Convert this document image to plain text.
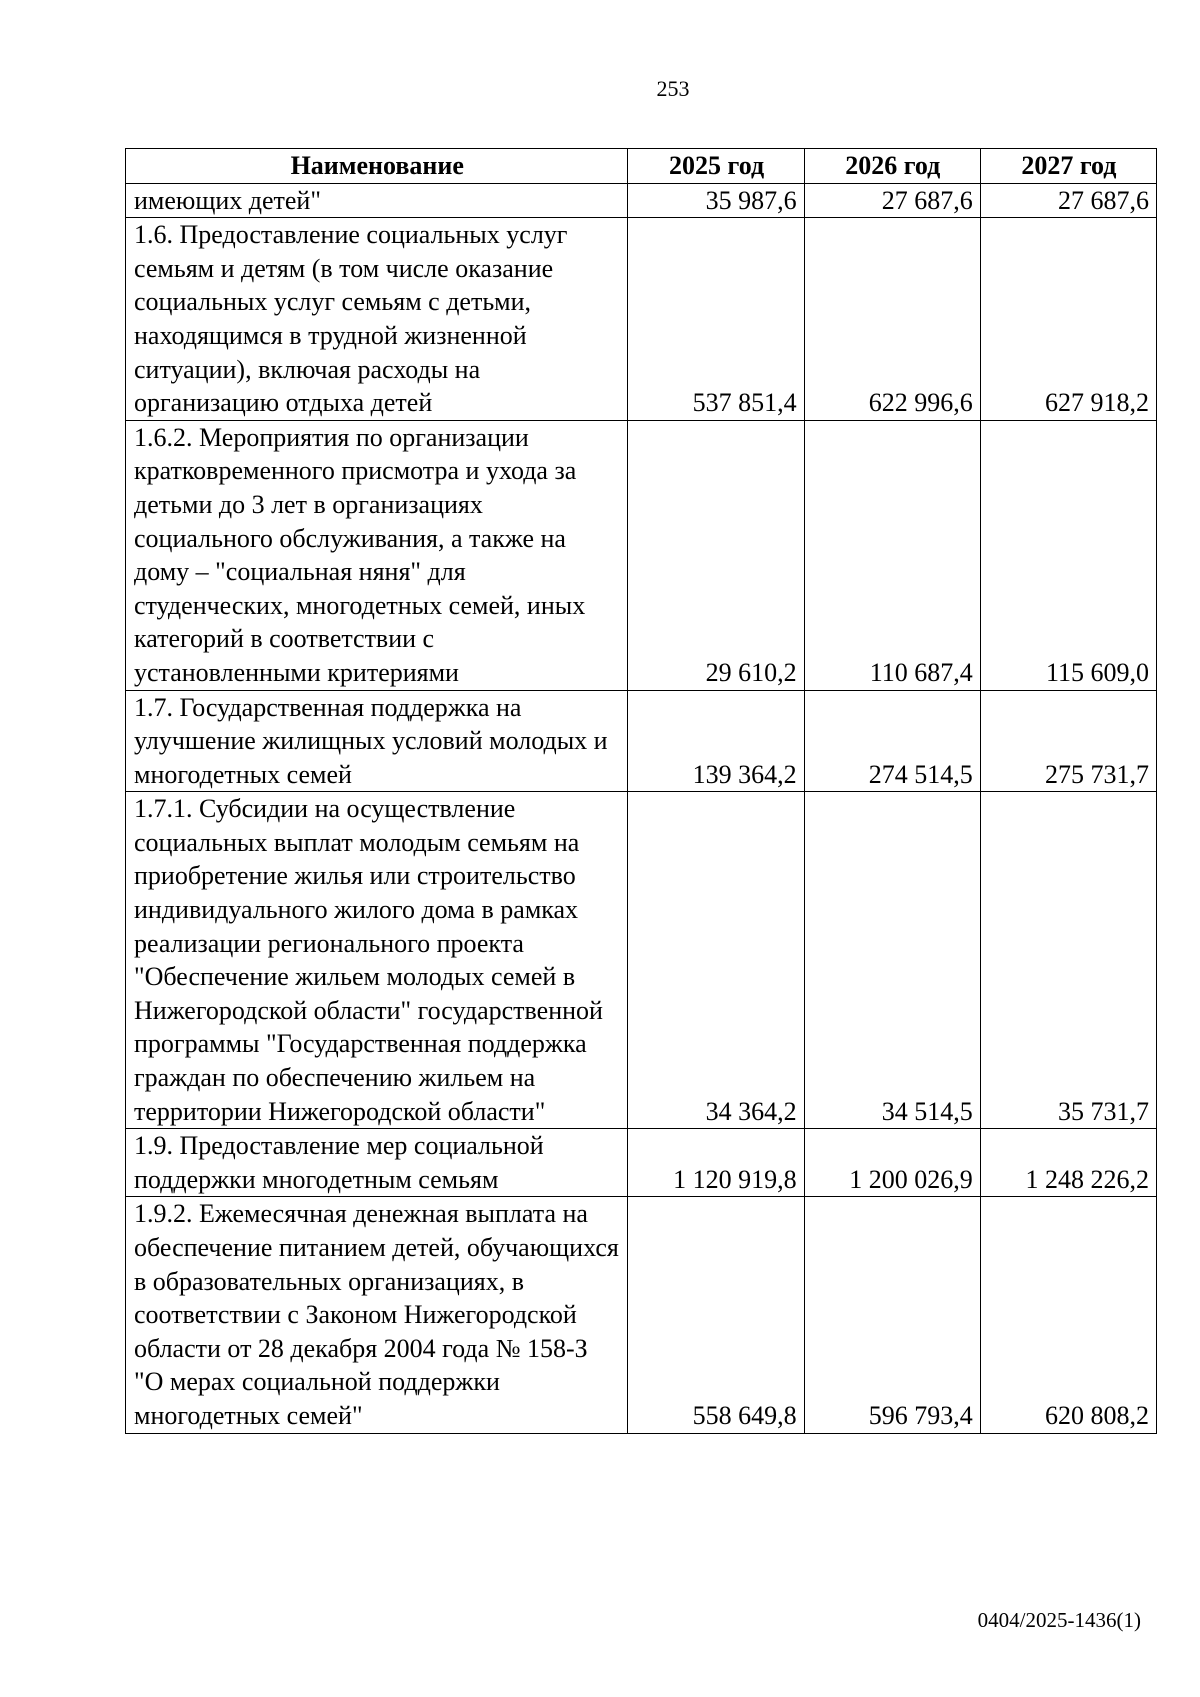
253
Наименование	2025 год	2026 год	2027 год
имеющих детей"	35 987,6	27 687,6	27 687,6
1.6. Предоставление социальных услуг семьям и детям (в том числе оказание социальных услуг семьям с детьми, находящимся в трудной жизненной ситуации), включая расходы на организацию отдыха детей	537 851,4	622 996,6	627 918,2
1.6.2. Мероприятия по организации кратковременного присмотра и ухода за детьми до 3 лет в организациях социального обслуживания, а также на дому – "социальная няня" для студенческих, многодетных семей, иных категорий в соответствии с установленными критериями	29 610,2	110 687,4	115 609,0
1.7. Государственная поддержка на улучшение жилищных условий молодых и многодетных семей	139 364,2	274 514,5	275 731,7
1.7.1. Субсидии на осуществление социальных выплат молодым семьям на приобретение жилья или строительство индивидуального жилого дома в рамках реализации регионального проекта "Обеспечение жильем молодых семей в Нижегородской области" государственной программы "Государственная поддержка граждан по обеспечению жильем на территории Нижегородской области"	34 364,2	34 514,5	35 731,7
1.9. Предоставление мер социальной поддержки многодетным семьям	1 120 919,8	1 200 026,9	1 248 226,2
1.9.2. Ежемесячная денежная выплата на обеспечение питанием детей, обучающихся в образовательных организациях, в соответствии с Законом Нижегородской области от 28 декабря 2004 года № 158-З "О мерах социальной поддержки многодетных семей"	558 649,8	596 793,4	620 808,2
0404/2025-1436(1)
